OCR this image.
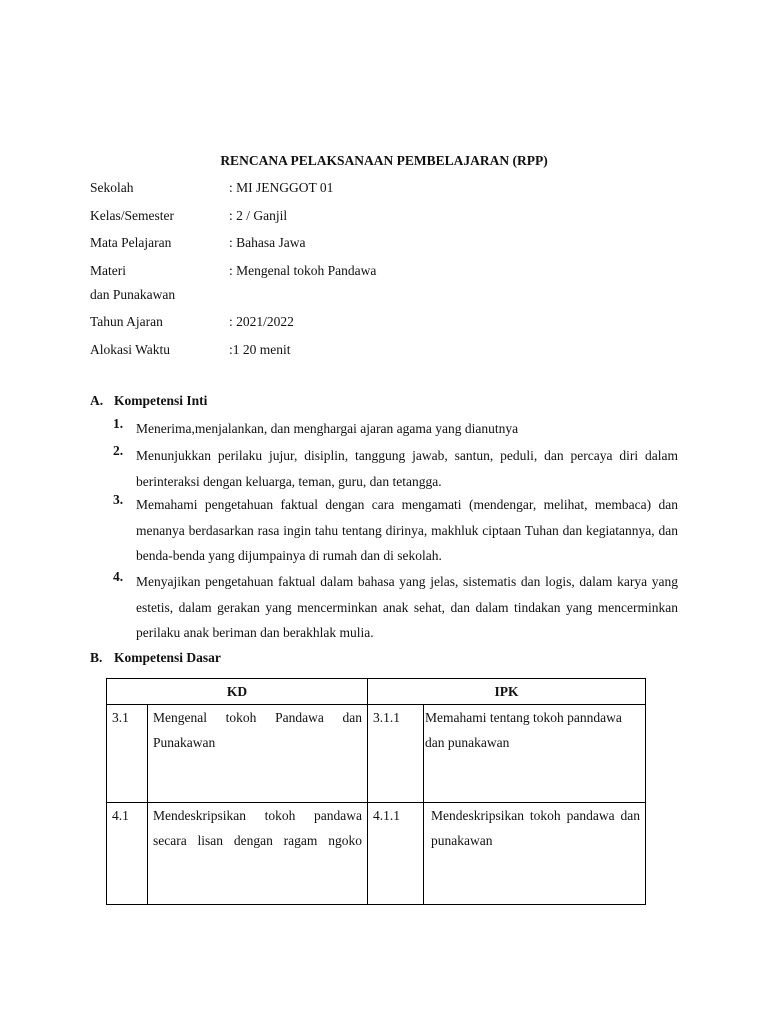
RENCANA PELAKSANAAN PEMBELAJARAN (RPP)
Sekolah	: MI JENGGOT 01
Kelas/Semester	: 2 / Ganjil
Mata Pelajaran	: Bahasa Jawa
Materi	: Mengenal tokoh Pandawa
dan Punakawan
Tahun Ajaran	: 2021/2022
Alokasi Waktu	:1 20 menit
A. Kompetensi Inti
1. Menerima,menjalankan, dan menghargai ajaran agama yang dianutnya
2. Menunjukkan perilaku jujur, disiplin, tanggung jawab, santun, peduli, dan percaya diri dalam berinteraksi dengan keluarga, teman, guru, dan tetangga.
3. Memahami pengetahuan faktual dengan cara mengamati (mendengar, melihat, membaca) dan menanya berdasarkan rasa ingin tahu tentang dirinya, makhluk ciptaan Tuhan dan kegiatannya, dan benda-benda yang dijumpainya di rumah dan di sekolah.
4. Menyajikan pengetahuan faktual dalam bahasa yang jelas, sistematis dan logis, dalam karya yang estetis, dalam gerakan yang mencerminkan anak sehat, dan dalam tindakan yang mencerminkan perilaku anak beriman dan berakhlak mulia.
B. Kompetensi Dasar
KD		IPK	
3.1	Mengenal tokoh Pandawa dan Punakawan	3.1.1	Memahami tentang tokoh panndawa dan punakawan

4.1	Mendeskripsikan tokoh pandawa secara lisan dengan ragam ngoko	4.1.1	Mendeskripsikan tokoh pandawa dan punakawan
